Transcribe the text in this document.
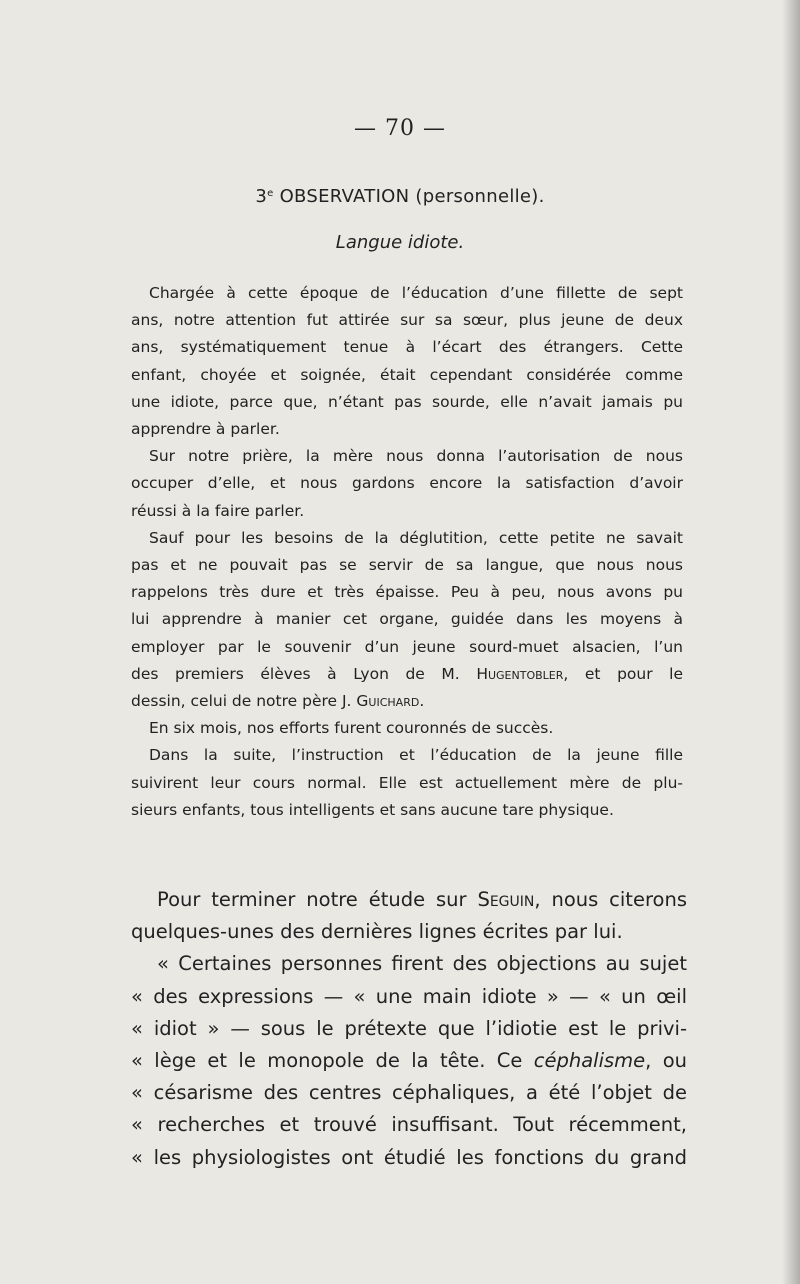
— 70 —
3e OBSERVATION (personnelle).
Langue idiote.
Chargée à cette époque de l’éducation d’une fillette de sept
ans, notre attention fut attirée sur sa sœur, plus jeune de deux
ans, systématiquement tenue à l’écart des étrangers. Cette
enfant, choyée et soignée, était cependant considérée comme
une idiote, parce que, n’étant pas sourde, elle n’avait jamais pu
apprendre à parler.
Sur notre prière, la mère nous donna l’autorisation de nous
occuper d’elle, et nous gardons encore la satisfaction d’avoir
réussi à la faire parler.
Sauf pour les besoins de la déglutition, cette petite ne savait
pas et ne pouvait pas se servir de sa langue, que nous nous
rappelons très dure et très épaisse. Peu à peu, nous avons pu
lui apprendre à manier cet organe, guidée dans les moyens à
employer par le souvenir d’un jeune sourd-muet alsacien, l’un
des premiers élèves à Lyon de M. Hugentobler, et pour le
dessin, celui de notre père J. Guichard.
En six mois, nos efforts furent couronnés de succès.
Dans la suite, l’instruction et l’éducation de la jeune fille
suivirent leur cours normal. Elle est actuellement mère de plu-
sieurs enfants, tous intelligents et sans aucune tare physique.
Pour terminer notre étude sur Seguin, nous citerons
quelques-unes des dernières lignes écrites par lui.
« Certaines personnes firent des objections au sujet
« des expressions — « une main idiote » — « un œil
« idiot » — sous le prétexte que l’idiotie est le privi-
« lège et le monopole de la tête. Ce céphalisme, ou
« césarisme des centres céphaliques, a été l’objet de
« recherches et trouvé insuffisant. Tout récemment,
« les physiologistes ont étudié les fonctions du grand
